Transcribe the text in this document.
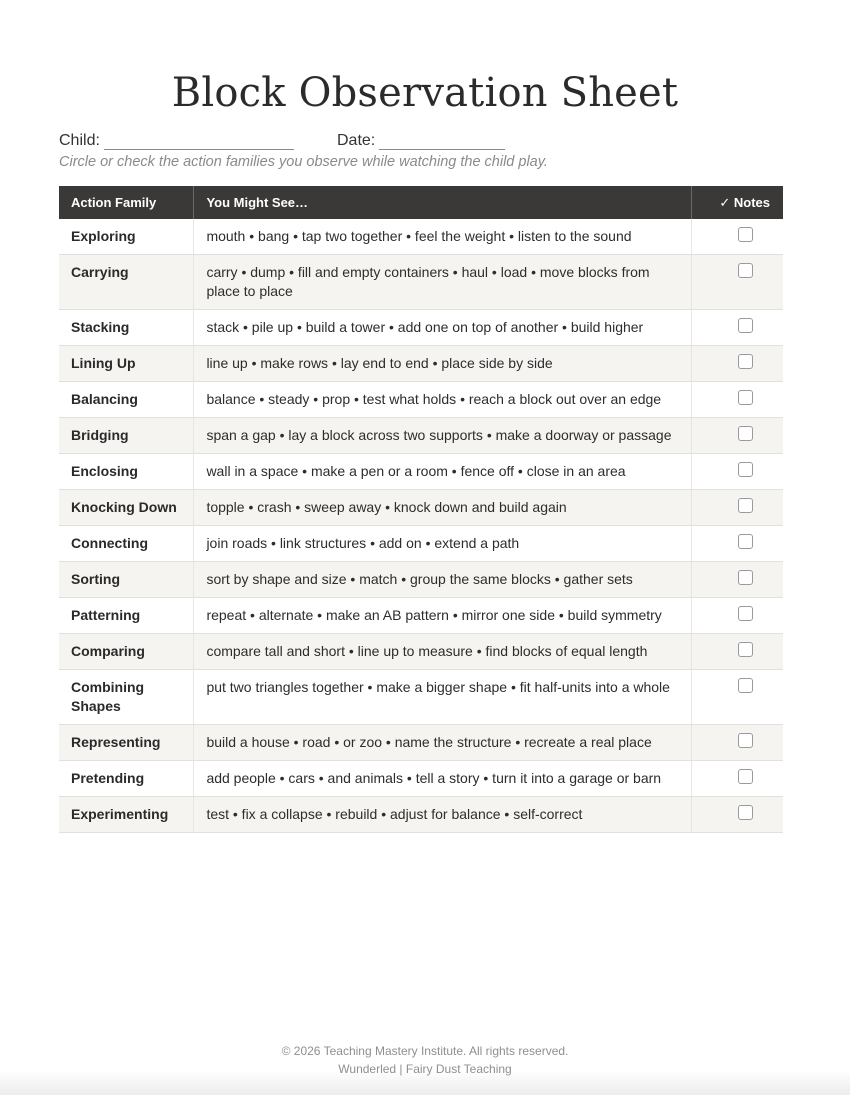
Block Observation Sheet
Child:	Date:

Circle or check the action families you observe while watching the child play.

Action Family	You Might See…	✓ Notes
Exploring	mouth • bang • tap two together • feel the weight • listen to the sound	
Carrying	carry • dump • fill and empty containers • haul • load • move blocks from place to place	
Stacking	stack • pile up • build a tower • add one on top of another • build higher	
Lining Up	line up • make rows • lay end to end • place side by side	
Balancing	balance • steady • prop • test what holds • reach a block out over an edge	
Bridging	span a gap • lay a block across two supports • make a doorway or passage	
Enclosing	wall in a space • make a pen or a room • fence off • close in an area	
Knocking Down	topple • crash • sweep away • knock down and build again	
Connecting	join roads • link structures • add on • extend a path	
Sorting	sort by shape and size • match • group the same blocks • gather sets	
Patterning	repeat • alternate • make an AB pattern • mirror one side • build symmetry	
Comparing	compare tall and short • line up to measure • find blocks of equal length	
Combining Shapes	put two triangles together • make a bigger shape • fit half-units into a whole	
Representing	build a house • road • or zoo • name the structure • recreate a real place	
Pretending	add people • cars • and animals • tell a story • turn it into a garage or barn	
Experimenting	test • fix a collapse • rebuild • adjust for balance • self-correct	
© 2026 Teaching Mastery Institute. All rights reserved.
Wunderled | Fairy Dust Teaching
